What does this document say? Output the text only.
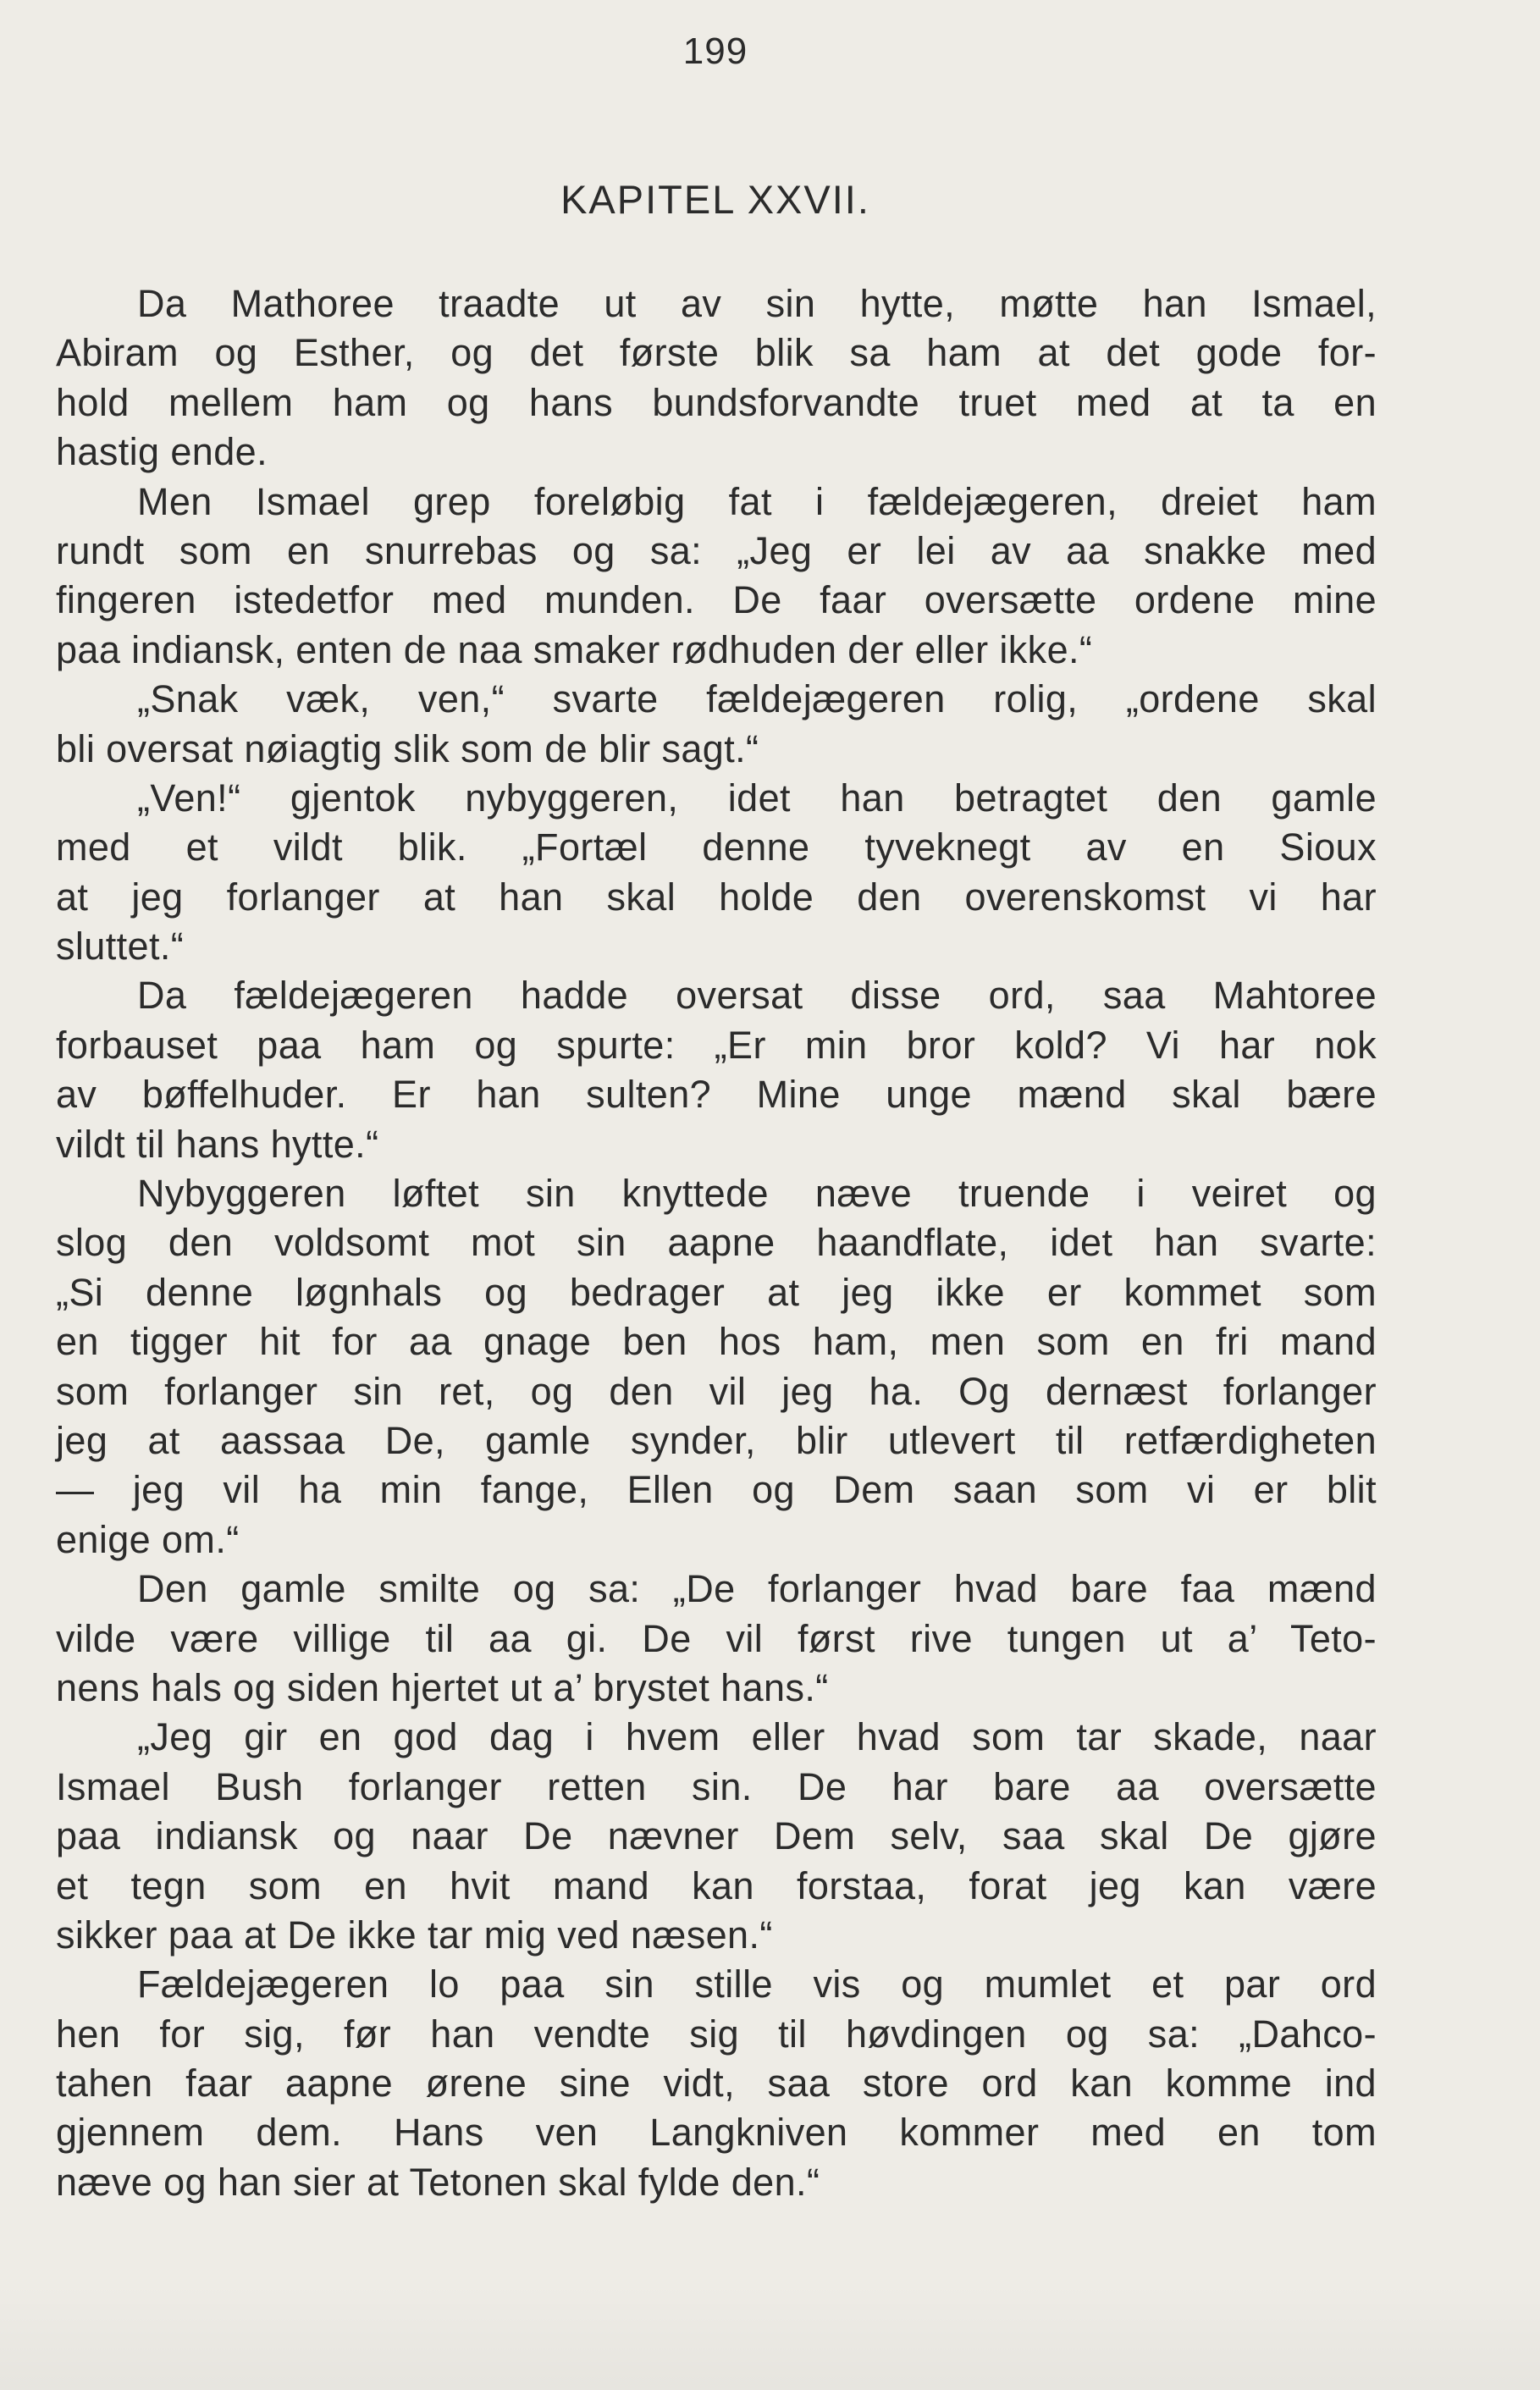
199
KAPITEL XXVII.
Da Mathoree traadte ut av sin hytte, møtte han Ismael,
Abiram og Esther, og det første blik sa ham at det gode for-
hold mellem ham og hans bundsforvandte truet med at ta en
hastig ende.
Men Ismael grep foreløbig fat i fældejægeren, dreiet ham
rundt som en snurrebas og sa: „Jeg er lei av aa snakke med
fingeren istedetfor med munden. De faar oversætte ordene mine
paa indiansk, enten de naa smaker rødhuden der eller ikke.“
„Snak væk, ven,“ svarte fældejægeren rolig, „ordene skal
bli oversat nøiagtig slik som de blir sagt.“
„Ven!“ gjentok nybyggeren, idet han betragtet den gamle
med et vildt blik. „Fortæl denne tyveknegt av en Sioux
at jeg forlanger at han skal holde den overenskomst vi har
sluttet.“
Da fældejægeren hadde oversat disse ord, saa Mahtoree
forbauset paa ham og spurte: „Er min bror kold? Vi har nok
av bøffelhuder. Er han sulten? Mine unge mænd skal bære
vildt til hans hytte.“
Nybyggeren løftet sin knyttede næve truende i veiret og
slog den voldsomt mot sin aapne haandflate, idet han svarte:
„Si denne løgnhals og bedrager at jeg ikke er kommet som
en tigger hit for aa gnage ben hos ham, men som en fri mand
som forlanger sin ret, og den vil jeg ha. Og dernæst forlanger
jeg at aassaa De, gamle synder, blir utlevert til retfærdigheten
— jeg vil ha min fange, Ellen og Dem saan som vi er blit
enige om.“
Den gamle smilte og sa: „De forlanger hvad bare faa mænd
vilde være villige til aa gi. De vil først rive tungen ut a’ Teto-
nens hals og siden hjertet ut a’ brystet hans.“
„Jeg gir en god dag i hvem eller hvad som tar skade, naar
Ismael Bush forlanger retten sin. De har bare aa oversætte
paa indiansk og naar De nævner Dem selv, saa skal De gjøre
et tegn som en hvit mand kan forstaa, forat jeg kan være
sikker paa at De ikke tar mig ved næsen.“
Fældejægeren lo paa sin stille vis og mumlet et par ord
hen for sig, før han vendte sig til høvdingen og sa: „Dahco-
tahen faar aapne ørene sine vidt, saa store ord kan komme ind
gjennem dem. Hans ven Langkniven kommer med en tom
næve og han sier at Tetonen skal fylde den.“
